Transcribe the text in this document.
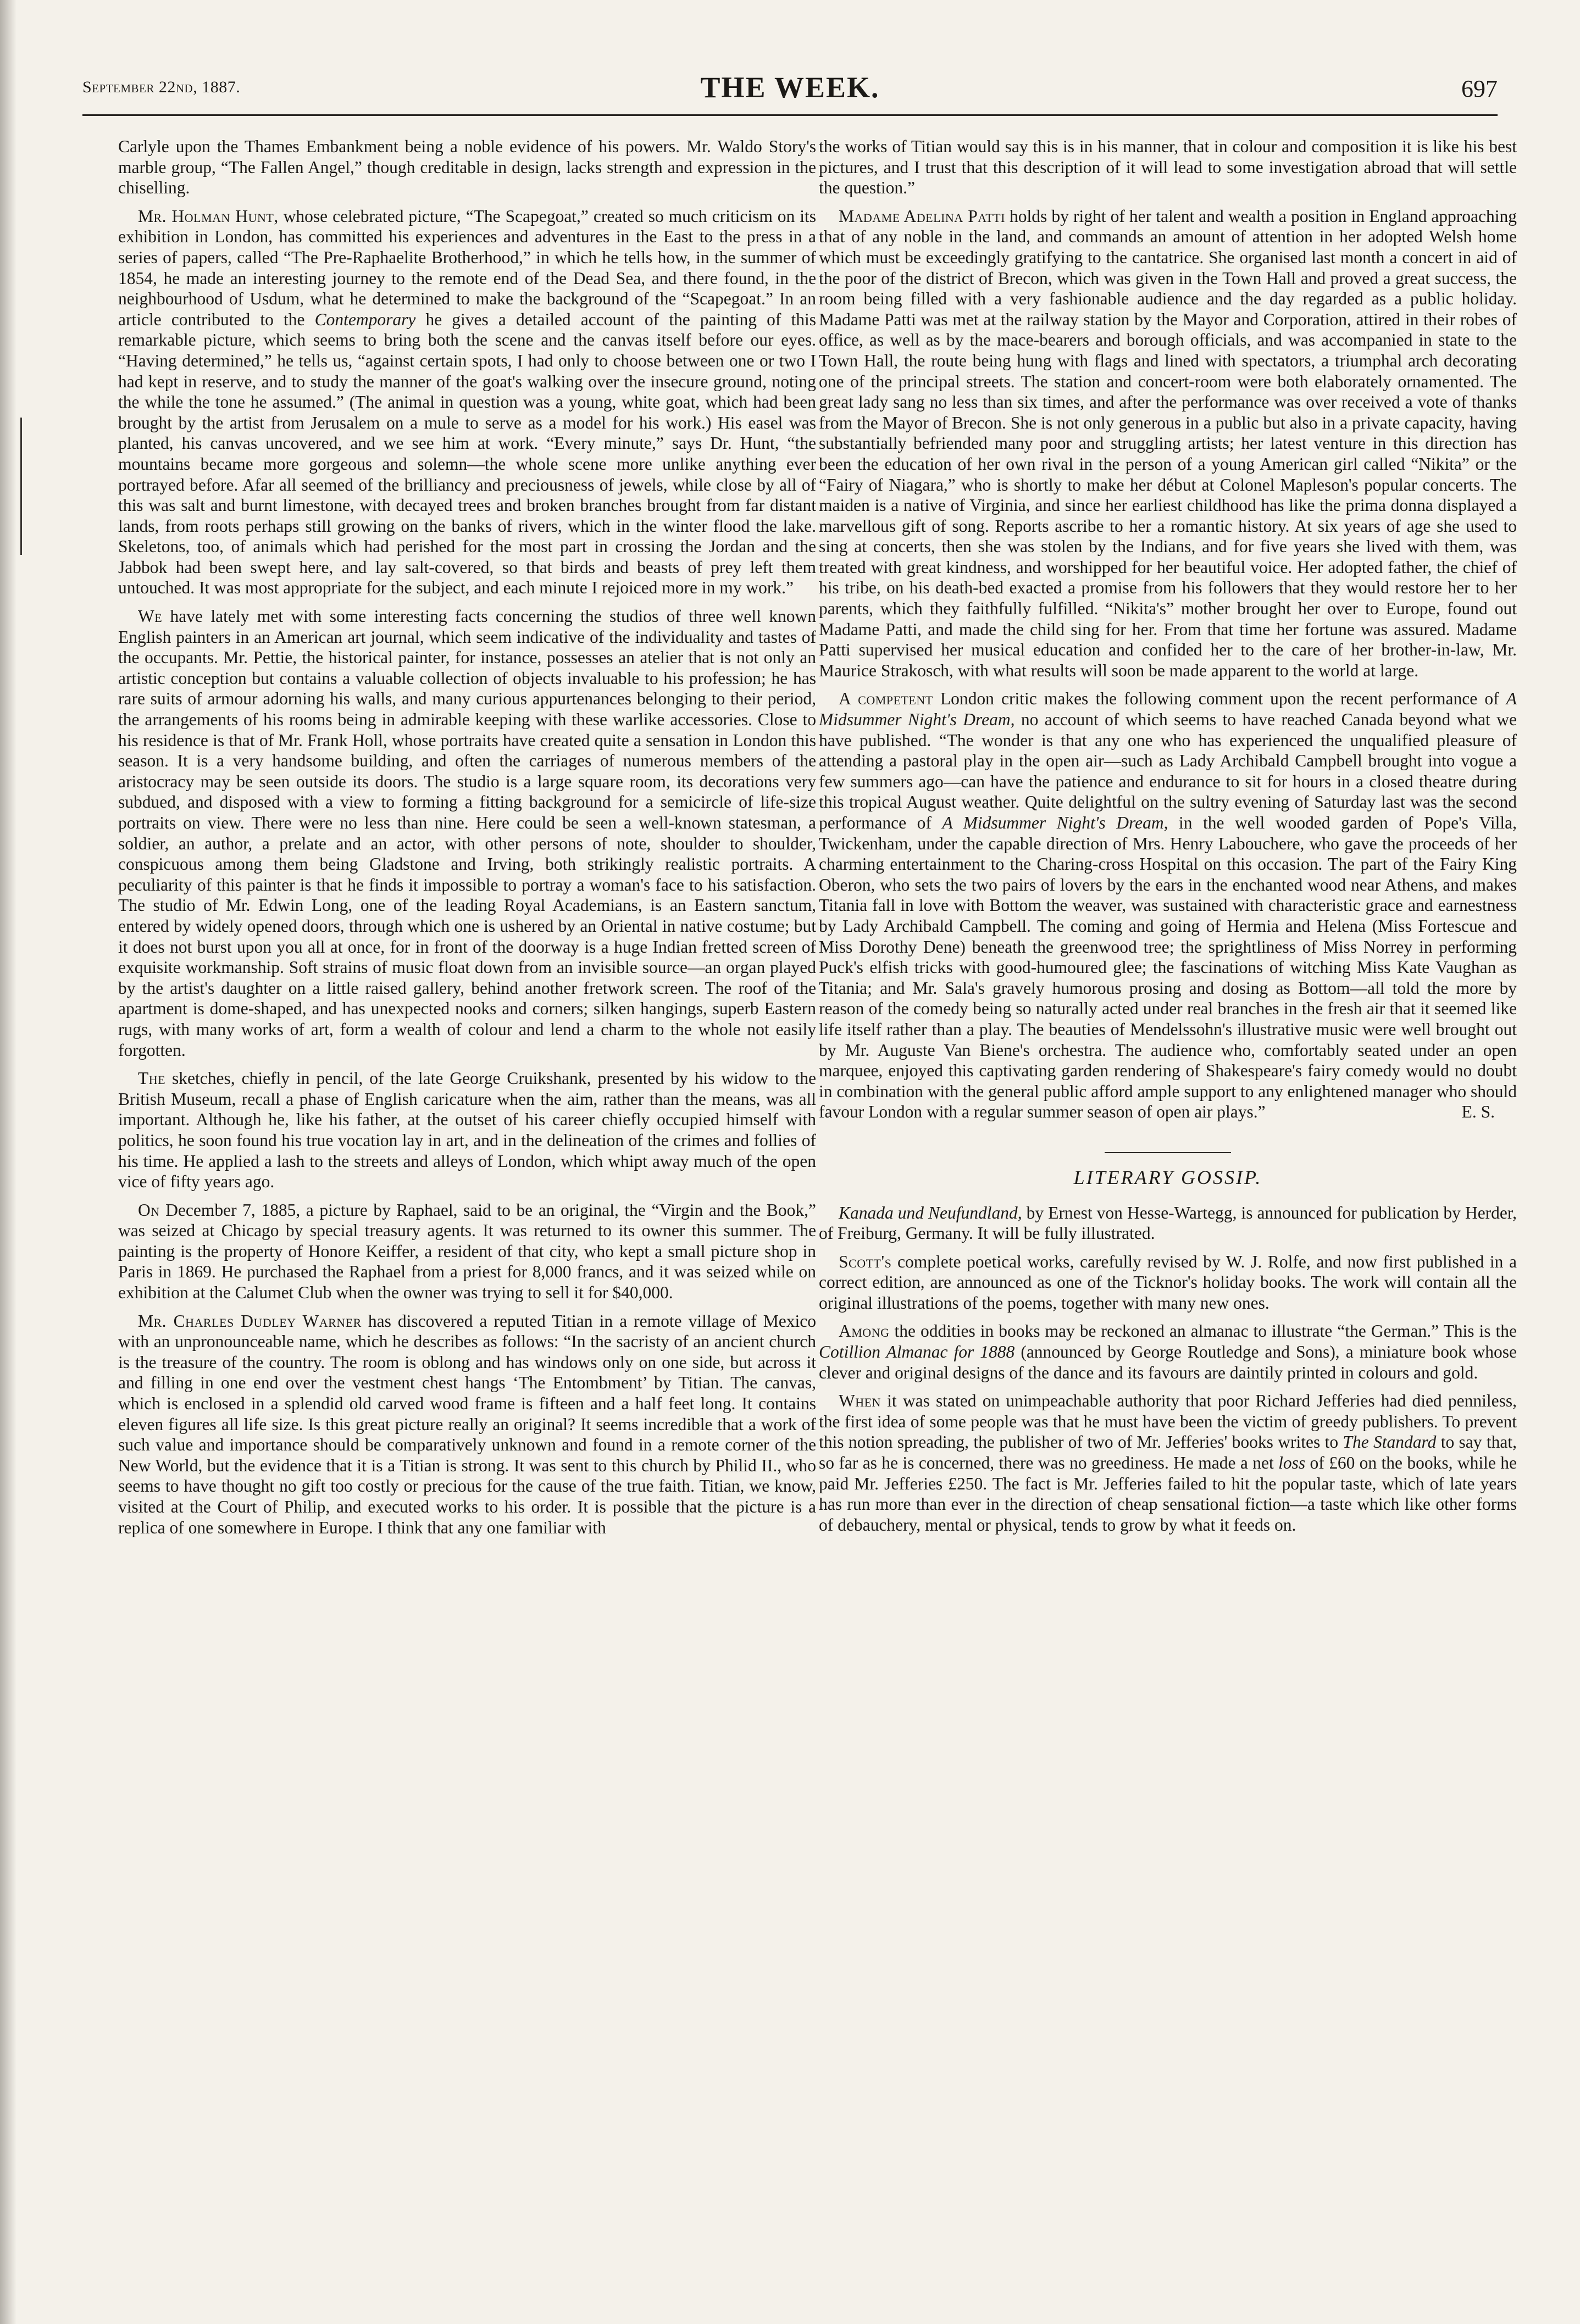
September 22nd, 1887.	THE WEEK.	697

Carlyle upon the Thames Embankment being a noble evidence of his powers. Mr. Waldo Story's marble group, “The Fallen Angel,” though creditable in design, lacks strength and expression in the chiselling.

Mr. Holman Hunt, whose celebrated picture, “The Scapegoat,” created so much criticism on its exhibition in London, has committed his experiences and adventures in the East to the press in a series of papers, called “The Pre-Raphaelite Brotherhood,” in which he tells how, in the summer of 1854, he made an interesting journey to the remote end of the Dead Sea, and there found, in the neighbourhood of Usdum, what he determined to make the background of the “Scapegoat.” In an article contributed to the Contemporary he gives a detailed account of the painting of this remarkable picture, which seems to bring both the scene and the canvas itself before our eyes. “Having determined,” he tells us, “against certain spots, I had only to choose between one or two I had kept in reserve, and to study the manner of the goat's walking over the insecure ground, noting the while the tone he assumed.” (The animal in question was a young, white goat, which had been brought by the artist from Jerusalem on a mule to serve as a model for his work.) His easel was planted, his canvas uncovered, and we see him at work. “Every minute,” says Dr. Hunt, “the mountains became more gorgeous and solemn—the whole scene more unlike anything ever portrayed before. Afar all seemed of the brilliancy and preciousness of jewels, while close by all of this was salt and burnt limestone, with decayed trees and broken branches brought from far distant lands, from roots perhaps still growing on the banks of rivers, which in the winter flood the lake. Skeletons, too, of animals which had perished for the most part in crossing the Jordan and the Jabbok had been swept here, and lay salt-covered, so that birds and beasts of prey left them untouched. It was most appropriate for the subject, and each minute I rejoiced more in my work.”

We have lately met with some interesting facts concerning the studios of three well known English painters in an American art journal, which seem indicative of the individuality and tastes of the occupants. Mr. Pettie, the historical painter, for instance, possesses an atelier that is not only an artistic conception but contains a valuable collection of objects invaluable to his profession; he has rare suits of armour adorning his walls, and many curious appurtenances belonging to their period, the arrangements of his rooms being in admirable keeping with these warlike accessories. Close to his residence is that of Mr. Frank Holl, whose portraits have created quite a sensation in London this season. It is a very handsome building, and often the carriages of numerous members of the aristocracy may be seen outside its doors. The studio is a large square room, its decorations very subdued, and disposed with a view to forming a fitting background for a semicircle of life-size portraits on view. There were no less than nine. Here could be seen a well-known statesman, a soldier, an author, a prelate and an actor, with other persons of note, shoulder to shoulder, conspicuous among them being Gladstone and Irving, both strikingly realistic portraits. A peculiarity of this painter is that he finds it impossible to portray a woman's face to his satisfaction. The studio of Mr. Edwin Long, one of the leading Royal Academians, is an Eastern sanctum, entered by widely opened doors, through which one is ushered by an Oriental in native costume; but it does not burst upon you all at once, for in front of the doorway is a huge Indian fretted screen of exquisite workmanship. Soft strains of music float down from an invisible source—an organ played by the artist's daughter on a little raised gallery, behind another fretwork screen. The roof of the apartment is dome-shaped, and has unexpected nooks and corners; silken hangings, superb Eastern rugs, with many works of art, form a wealth of colour and lend a charm to the whole not easily forgotten.

The sketches, chiefly in pencil, of the late George Cruikshank, presented by his widow to the British Museum, recall a phase of English caricature when the aim, rather than the means, was all important. Although he, like his father, at the outset of his career chiefly occupied himself with politics, he soon found his true vocation lay in art, and in the delineation of the crimes and follies of his time. He applied a lash to the streets and alleys of London, which whipt away much of the open vice of fifty years ago.

On December 7, 1885, a picture by Raphael, said to be an original, the “Virgin and the Book,” was seized at Chicago by special treasury agents. It was returned to its owner this summer. The painting is the property of Honore Keiffer, a resident of that city, who kept a small picture shop in Paris in 1869. He purchased the Raphael from a priest for 8,000 francs, and it was seized while on exhibition at the Calumet Club when the owner was trying to sell it for $40,000.

Mr. Charles Dudley Warner has discovered a reputed Titian in a remote village of Mexico with an unpronounceable name, which he describes as follows: “In the sacristy of an ancient church is the treasure of the country. The room is oblong and has windows only on one side, but across it and filling in one end over the vestment chest hangs ‘The Entombment’ by Titian. The canvas, which is enclosed in a splendid old carved wood frame is fifteen and a half feet long. It contains eleven figures all life size. Is this great picture really an original? It seems incredible that a work of such value and importance should be comparatively unknown and found in a remote corner of the New World, but the evidence that it is a Titian is strong. It was sent to this church by Philid II., who seems to have thought no gift too costly or precious for the cause of the true faith. Titian, we know, visited at the Court of Philip, and executed works to his order. It is possible that the picture is a replica of one somewhere in Europe. I think that any one familiar with

the works of Titian would say this is in his manner, that in colour and composition it is like his best pictures, and I trust that this description of it will lead to some investigation abroad that will settle the question.”

Madame Adelina Patti holds by right of her talent and wealth a position in England approaching that of any noble in the land, and commands an amount of attention in her adopted Welsh home which must be exceedingly gratifying to the cantatrice. She organised last month a concert in aid of the poor of the district of Brecon, which was given in the Town Hall and proved a great success, the room being filled with a very fashionable audience and the day regarded as a public holiday. Madame Patti was met at the railway station by the Mayor and Corporation, attired in their robes of office, as well as by the mace-bearers and borough officials, and was accompanied in state to the Town Hall, the route being hung with flags and lined with spectators, a triumphal arch decorating one of the principal streets. The station and concert-room were both elaborately ornamented. The great lady sang no less than six times, and after the performance was over received a vote of thanks from the Mayor of Brecon. She is not only generous in a public but also in a private capacity, having substantially befriended many poor and struggling artists; her latest venture in this direction has been the education of her own rival in the person of a young American girl called “Nikita” or the “Fairy of Niagara,” who is shortly to make her début at Colonel Mapleson's popular concerts. The maiden is a native of Virginia, and since her earliest childhood has like the prima donna displayed a marvellous gift of song. Reports ascribe to her a romantic history. At six years of age she used to sing at concerts, then she was stolen by the Indians, and for five years she lived with them, was treated with great kindness, and worshipped for her beautiful voice. Her adopted father, the chief of his tribe, on his death-bed exacted a promise from his followers that they would restore her to her parents, which they faithfully fulfilled. “Nikita's” mother brought her over to Europe, found out Madame Patti, and made the child sing for her. From that time her fortune was assured. Madame Patti supervised her musical education and confided her to the care of her brother-in-law, Mr. Maurice Strakosch, with what results will soon be made apparent to the world at large.

A competent London critic makes the following comment upon the recent performance of A Midsummer Night's Dream, no account of which seems to have reached Canada beyond what we have published. “The wonder is that any one who has experienced the unqualified pleasure of attending a pastoral play in the open air—such as Lady Archibald Campbell brought into vogue a few summers ago—can have the patience and endurance to sit for hours in a closed theatre during this tropical August weather. Quite delightful on the sultry evening of Saturday last was the second performance of A Midsummer Night's Dream, in the well wooded garden of Pope's Villa, Twickenham, under the capable direction of Mrs. Henry Labouchere, who gave the proceeds of her charming entertainment to the Charing-cross Hospital on this occasion. The part of the Fairy King Oberon, who sets the two pairs of lovers by the ears in the enchanted wood near Athens, and makes Titania fall in love with Bottom the weaver, was sustained with characteristic grace and earnestness by Lady Archibald Campbell. The coming and going of Hermia and Helena (Miss Fortescue and Miss Dorothy Dene) beneath the greenwood tree; the sprightliness of Miss Norrey in performing Puck's elfish tricks with good-humoured glee; the fascinations of witching Miss Kate Vaughan as Titania; and Mr. Sala's gravely humorous prosing and dosing as Bottom—all told the more by reason of the comedy being so naturally acted under real branches in the fresh air that it seemed like life itself rather than a play. The beauties of Mendelssohn's illustrative music were well brought out by Mr. Auguste Van Biene's orchestra. The audience who, comfortably seated under an open marquee, enjoyed this captivating garden rendering of Shakespeare's fairy comedy would no doubt in combination with the general public afford ample support to any enlightened manager who should favour London with a regular summer season of open air plays.”	E. S.

LITERARY GOSSIP.

Kanada und Neufundland, by Ernest von Hesse-Wartegg, is announced for publication by Herder, of Freiburg, Germany. It will be fully illustrated.

Scott's complete poetical works, carefully revised by W. J. Rolfe, and now first published in a correct edition, are announced as one of the Ticknor's holiday books. The work will contain all the original illustrations of the poems, together with many new ones.

Among the oddities in books may be reckoned an almanac to illustrate “the German.” This is the Cotillion Almanac for 1888 (announced by George Routledge and Sons), a miniature book whose clever and original designs of the dance and its favours are daintily printed in colours and gold.

When it was stated on unimpeachable authority that poor Richard Jefferies had died penniless, the first idea of some people was that he must have been the victim of greedy publishers. To prevent this notion spreading, the publisher of two of Mr. Jefferies' books writes to The Standard to say that, so far as he is concerned, there was no greediness. He made a net loss of £60 on the books, while he paid Mr. Jefferies £250. The fact is Mr. Jefferies failed to hit the popular taste, which of late years has run more than ever in the direction of cheap sensational fiction—a taste which like other forms of debauchery, mental or physical, tends to grow by what it feeds on.
